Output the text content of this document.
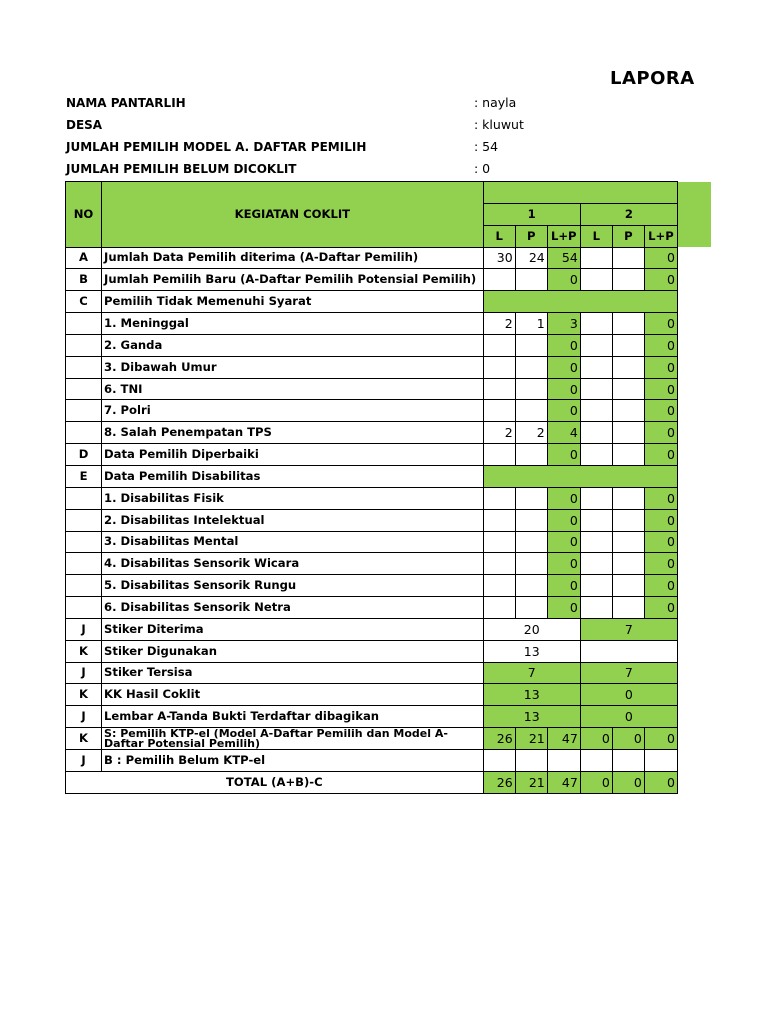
LAPORA
NAMA PANTARLIH	: nayla
DESA	: kluwut
JUMLAH PEMILIH MODEL A. DAFTAR PEMILIH	: 54
JUMLAH PEMILIH BELUM DICOKLIT	: 0
NO	KEGIATAN COKLIT						
		1			2		
		L	P	L+P	L	P	L+P
A	Jumlah Data Pemilih diterima (A-Daftar Pemilih)	30	24	54			0
B	Jumlah Pemilih Baru (A-Daftar Pemilih Potensial Pemilih)			0			0
C	Pemilih Tidak Memenuhi Syarat						
	1. Meninggal	2	1	3			0
	2. Ganda			0			0
	3. Dibawah Umur			0			0
	6. TNI			0			0
	7. Polri			0			0
	8. Salah Penempatan TPS	2	2	4			0
D	Data Pemilih Diperbaiki			0			0
E	Data Pemilih Disabilitas						
	1. Disabilitas Fisik			0			0
	2. Disabilitas Intelektual			0			0
	3. Disabilitas Mental			0			0
	4. Disabilitas Sensorik Wicara			0			0
	5. Disabilitas Sensorik Rungu			0			0
	6. Disabilitas Sensorik Netra			0			0
J	Stiker Diterima	20			7		
K	Stiker Digunakan	13					
J	Stiker Tersisa	7			7		
K	KK Hasil Coklit	13			0		
J	Lembar A-Tanda Bukti Terdaftar dibagikan	13			0		
K	S: Pemilih KTP-el (Model A-Daftar Pemilih dan Model A-Daftar Potensial Pemilih)	26	21	47	0	0	0
J	B : Pemilih Belum KTP-el						
TOTAL (A+B)-C		26	21	47	0	0	0
